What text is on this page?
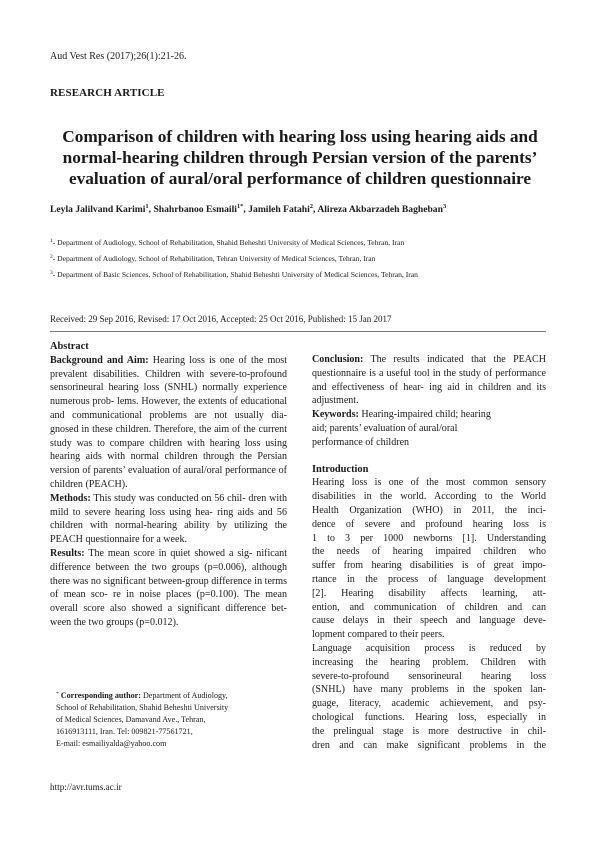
Aud Vest Res (2017);26(1):21-26.
RESEARCH ARTICLE
Comparison of children with hearing loss using hearing aids and
normal-hearing children through Persian version of the parents’
evaluation of aural/oral performance of children questionnaire
Leyla Jalilvand Karimi$^1$, Shahrbanoo Esmaili$^{1*}$, Jamileh Fatahi$^2$, Alireza Akbarzadeh Bagheban$^3$
$^1$- Department of Audiology, School of Rehabilitation, Shahid Beheshti University of Medical Sciences, Tehran, Iran
$^2$- Department of Audiology, School of Rehabilitation, Tehran University of Medical Sciences, Tehran, Iran
$^3$- Department of Basic Sciences, School of Rehabilitation, Shahid Beheshti University of Medical Sciences, Tehran, Iran
Received: 29 Sep 2016, Revised: 17 Oct 2016, Accepted: 25 Oct 2016, Published: 15 Jan 2017
Abstract

Background and Aim: Hearing loss is one of the most prevalent disabilities. Children with severe-to-profound sensorineural hearing loss (SNHL) normally experience numerous prob- lems. However, the extents of educational and communicational problems are not usually dia- gnosed in these children. Therefore, the aim of the current study was to compare children with hearing loss using hearing aids with normal children through the Persian version of parents’ evaluation of aural/oral performance of children (PEACH).

Methods: This study was conducted on 56 chil- dren with mild to severe hearing loss using hea- ring aids and 56 children with normal-hearing ability by utilizing the PEACH questionnaire for a week.

Results: The mean score in quiet showed a sig- nificant difference between the two groups (p=0.006), although there was no significant between-group difference in terms of mean sco- re in noise places (p=0.100). The mean overall score also showed a significant difference bet- ween the two groups (p=0.012).

* Corresponding author: Department of Audiology,
School of Rehabilitation, Shahid Beheshti University
of Medical Sciences, Damavand Ave., Tehran,
1616913111, Iran. Tel: 009821-77561721,
E-mail: esmailiyalda@yahoo.com

Conclusion: The results indicated that the PEACH questionnaire is a useful tool in the study of performance and effectiveness of hear- ing aid in children and its adjustment.

Keywords: Hearing-impaired child; hearing
aid; parents’ evaluation of aural/oral
performance of children

Introduction
Hearing loss is one of the most common sensory
disabilities in the world. According to the World
Health Organization (WHO) in 2011, the inci-
dence of severe and profound hearing loss is
1 to 3 per 1000 newborns [1]. Understanding
the needs of hearing impaired children who
suffer from hearing disabilities is of great impo-
rtance in the process of language development
[2]. Hearing disability affects learning, att-
ention, and communication of children and can
cause delays in their speech and language deve-
lopment compared to their peers.
Language acquisition process is reduced by
increasing the hearing problem. Children with
severe-to-profound sensorineural hearing loss
(SNHL) have many problems in the spoken lan-
guage, literacy, academic achievement, and psy-
chological functions. Hearing loss, especially in
the prelingual stage is more destructive in chil-
dren and can make significant problems in the
http://avr.tums.ac.ir
